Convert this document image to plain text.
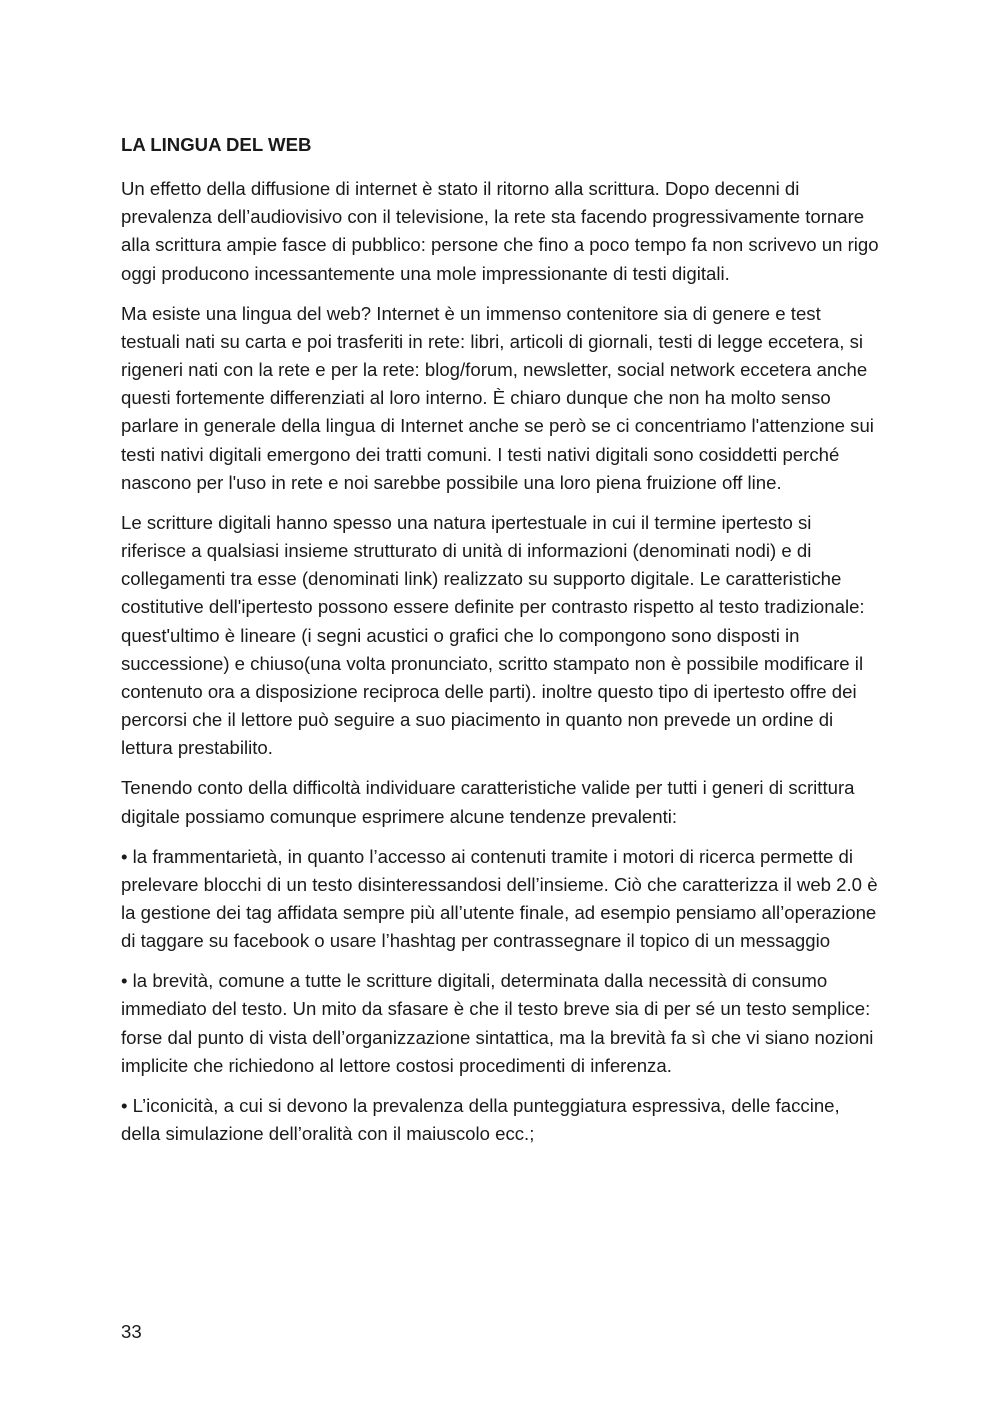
LA LINGUA DEL WEB

Un effetto della diffusione di internet è stato il ritorno alla scrittura. Dopo decenni di prevalenza dell’audiovisivo con il televisione, la rete sta facendo progressivamente tornare alla scrittura ampie fasce di pubblico: persone che fino a poco tempo fa non scrivevo un rigo oggi producono incessantemente una mole impressionante di testi digitali.

Ma esiste una lingua del web? Internet è un immenso contenitore sia di genere e test testuali nati su carta e poi trasferiti in rete: libri, articoli di giornali, testi di legge eccetera, si rigeneri nati con la rete e per la rete: blog/forum, newsletter, social network eccetera anche questi fortemente differenziati al loro interno. È chiaro dunque che non ha molto senso parlare in generale della lingua di Internet anche se però se ci concentriamo l'attenzione sui testi nativi digitali emergono dei tratti comuni. I testi nativi digitali sono cosiddetti perché nascono per l'uso in rete e noi sarebbe possibile una loro piena fruizione off line.

Le scritture digitali hanno spesso una natura ipertestuale in cui il termine ipertesto si riferisce a qualsiasi insieme strutturato di unità di informazioni (denominati nodi) e di collegamenti tra esse (denominati link) realizzato su supporto digitale. Le caratteristiche costitutive dell'ipertesto possono essere definite per contrasto rispetto al testo tradizionale: quest'ultimo è lineare (i segni acustici o grafici che lo compongono sono disposti in successione) e chiuso(una volta pronunciato, scritto stampato non è possibile modificare il contenuto ora a disposizione reciproca delle parti). inoltre questo tipo di ipertesto offre dei percorsi che il lettore può seguire a suo piacimento in quanto non prevede un ordine di lettura prestabilito.

Tenendo conto della difficoltà individuare caratteristiche valide per tutti i generi di scrittura digitale possiamo comunque esprimere alcune tendenze prevalenti:

• la frammentarietà, in quanto l’accesso ai contenuti tramite i motori di ricerca permette di prelevare blocchi di un testo disinteressandosi dell’insieme. Ciò che caratterizza il web 2.0 è la gestione dei tag affidata sempre più all’utente finale, ad esempio pensiamo all’operazione di taggare su facebook o usare l’hashtag per contrassegnare il topico di un messaggio

• la brevità, comune a tutte le scritture digitali, determinata dalla necessità di consumo immediato del testo. Un mito da sfasare è che il testo breve sia di per sé un testo semplice: forse dal punto di vista dell’organizzazione sintattica, ma la brevità fa sì che vi siano nozioni implicite che richiedono al lettore costosi procedimenti di inferenza.

• L’iconicità, a cui si devono la prevalenza della punteggiatura espressiva, delle faccine, della simulazione dell’oralità con il maiuscolo ecc.;

33
